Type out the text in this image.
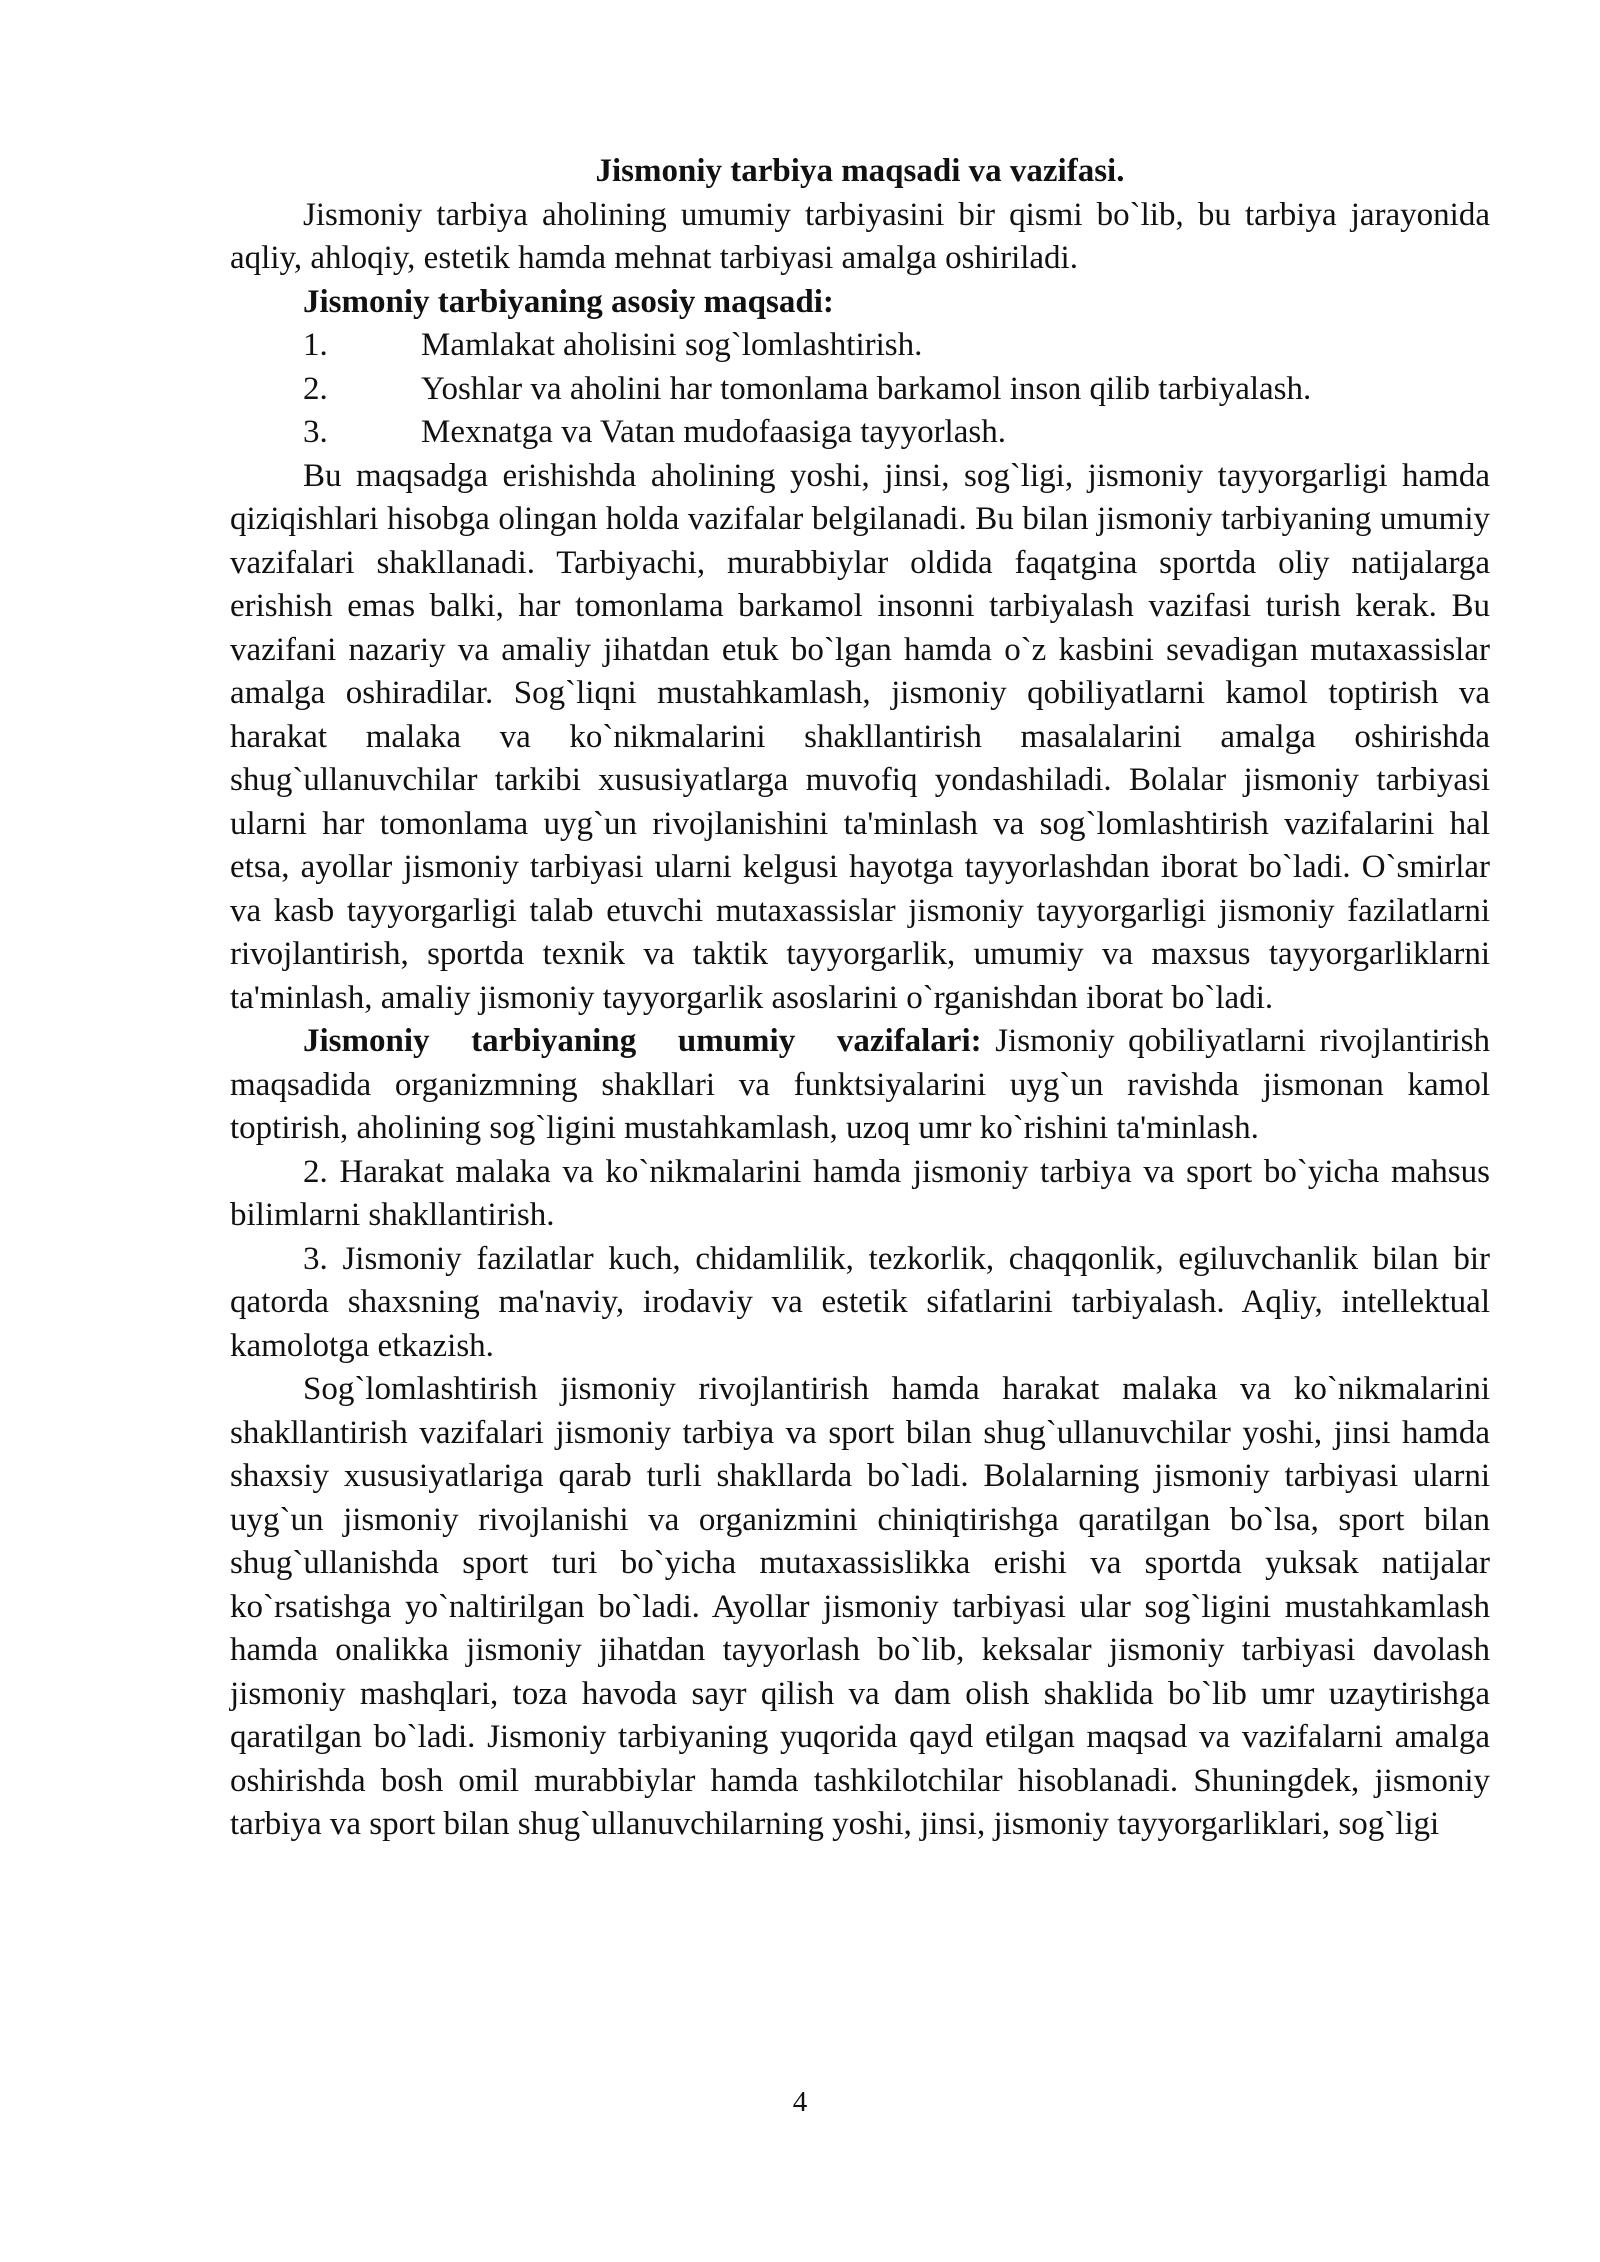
Jismoniy tarbiya maqsadi va vazifasi.

Jismoniy tarbiya aholining umumiy tarbiyasini bir qismi bo`lib, bu tarbiya jarayonida aqliy, ahloqiy, estetik hamda mehnat tarbiyasi amalga oshiriladi.

Jismoniy tarbiyaning asosiy maqsadi:

1.	Mamlakat aholisini sog`lomlashtirish.
2.	Yoshlar va aholini har tomonlama barkamol inson qilib tarbiyalash.
3.	Mexnatga va Vatan mudofaasiga tayyorlash.

Bu maqsadga erishishda aholining yoshi, jinsi, sog`ligi, jismoniy tayyorgarligi hamda qiziqishlari hisobga olingan holda vazifalar belgilanadi. Bu bilan jismoniy tarbiyaning umumiy vazifalari shakllanadi. Tarbiyachi, murabbiylar oldida faqatgina sportda oliy natijalarga erishish emas balki, har tomonlama barkamol insonni tarbiyalash vazifasi turish kerak. Bu vazifani nazariy va amaliy jihatdan etuk bo`lgan hamda o`z kasbini sevadigan mutaxassislar amalga oshiradilar. Sog`liqni mustahkamlash, jismoniy qobiliyatlarni kamol toptirish va harakat malaka va ko`nikmalarini shakllantirish masalalarini amalga oshirishda shug`ullanuvchilar tarkibi xususiyatlarga muvofiq yondashiladi. Bolalar jismoniy tarbiyasi ularni har tomonlama uyg`un rivojlanishini ta'minlash va sog`lomlashtirish vazifalarini hal etsa, ayollar jismoniy tarbiyasi ularni kelgusi hayotga tayyorlashdan iborat bo`ladi. O`smirlar va kasb tayyorgarligi talab etuvchi mutaxassislar jismoniy tayyorgarligi jismoniy fazilatlarni rivojlantirish, sportda texnik va taktik tayyorgarlik, umumiy va maxsus tayyorgarliklarni ta'minlash, amaliy jismoniy tayyorgarlik asoslarini o`rganishdan iborat bo`ladi.

Jismoniy tarbiyaning umumiy vazifalari: Jismoniy qobiliyatlarni rivojlantirish maqsadida organizmning shakllari va funktsiyalarini uyg`un ravishda jismonan kamol toptirish, aholining sog`ligini mustahkamlash, uzoq umr ko`rishini ta'minlash.

2. Harakat malaka va ko`nikmalarini hamda jismoniy tarbiya va sport bo`yicha mahsus bilimlarni shakllantirish.

3. Jismoniy fazilatlar kuch, chidamlilik, tezkorlik, chaqqonlik, egiluvchanlik bilan bir qatorda shaxsning ma'naviy, irodaviy va estetik sifatlarini tarbiyalash. Aqliy, intellektual kamolotga etkazish.

Sog`lomlashtirish jismoniy rivojlantirish hamda harakat malaka va ko`nikmalarini shakllantirish vazifalari jismoniy tarbiya va sport bilan shug`ullanuvchilar yoshi, jinsi hamda shaxsiy xususiyatlariga qarab turli shakllarda bo`ladi. Bolalarning jismoniy tarbiyasi ularni uyg`un jismoniy rivojlanishi va organizmini chiniqtirishga qaratilgan bo`lsa, sport bilan shug`ullanishda sport turi bo`yicha mutaxassislikka erishi va sportda yuksak natijalar ko`rsatishga yo`naltirilgan bo`ladi. Ayollar jismoniy tarbiyasi ular sog`ligini mustahkamlash hamda onalikka jismoniy jihatdan tayyorlash bo`lib, keksalar jismoniy tarbiyasi davolash jismoniy mashqlari, toza havoda sayr qilish va dam olish shaklida bo`lib umr uzaytirishga qaratilgan bo`ladi. Jismoniy tarbiyaning yuqorida qayd etilgan maqsad va vazifalarni amalga oshirishda bosh omil murabbiylar hamda tashkilotchilar hisoblanadi. Shuningdek, jismoniy tarbiya va sport bilan shug`ullanuvchilarning yoshi, jinsi, jismoniy tayyorgarliklari, sog`ligi

4
